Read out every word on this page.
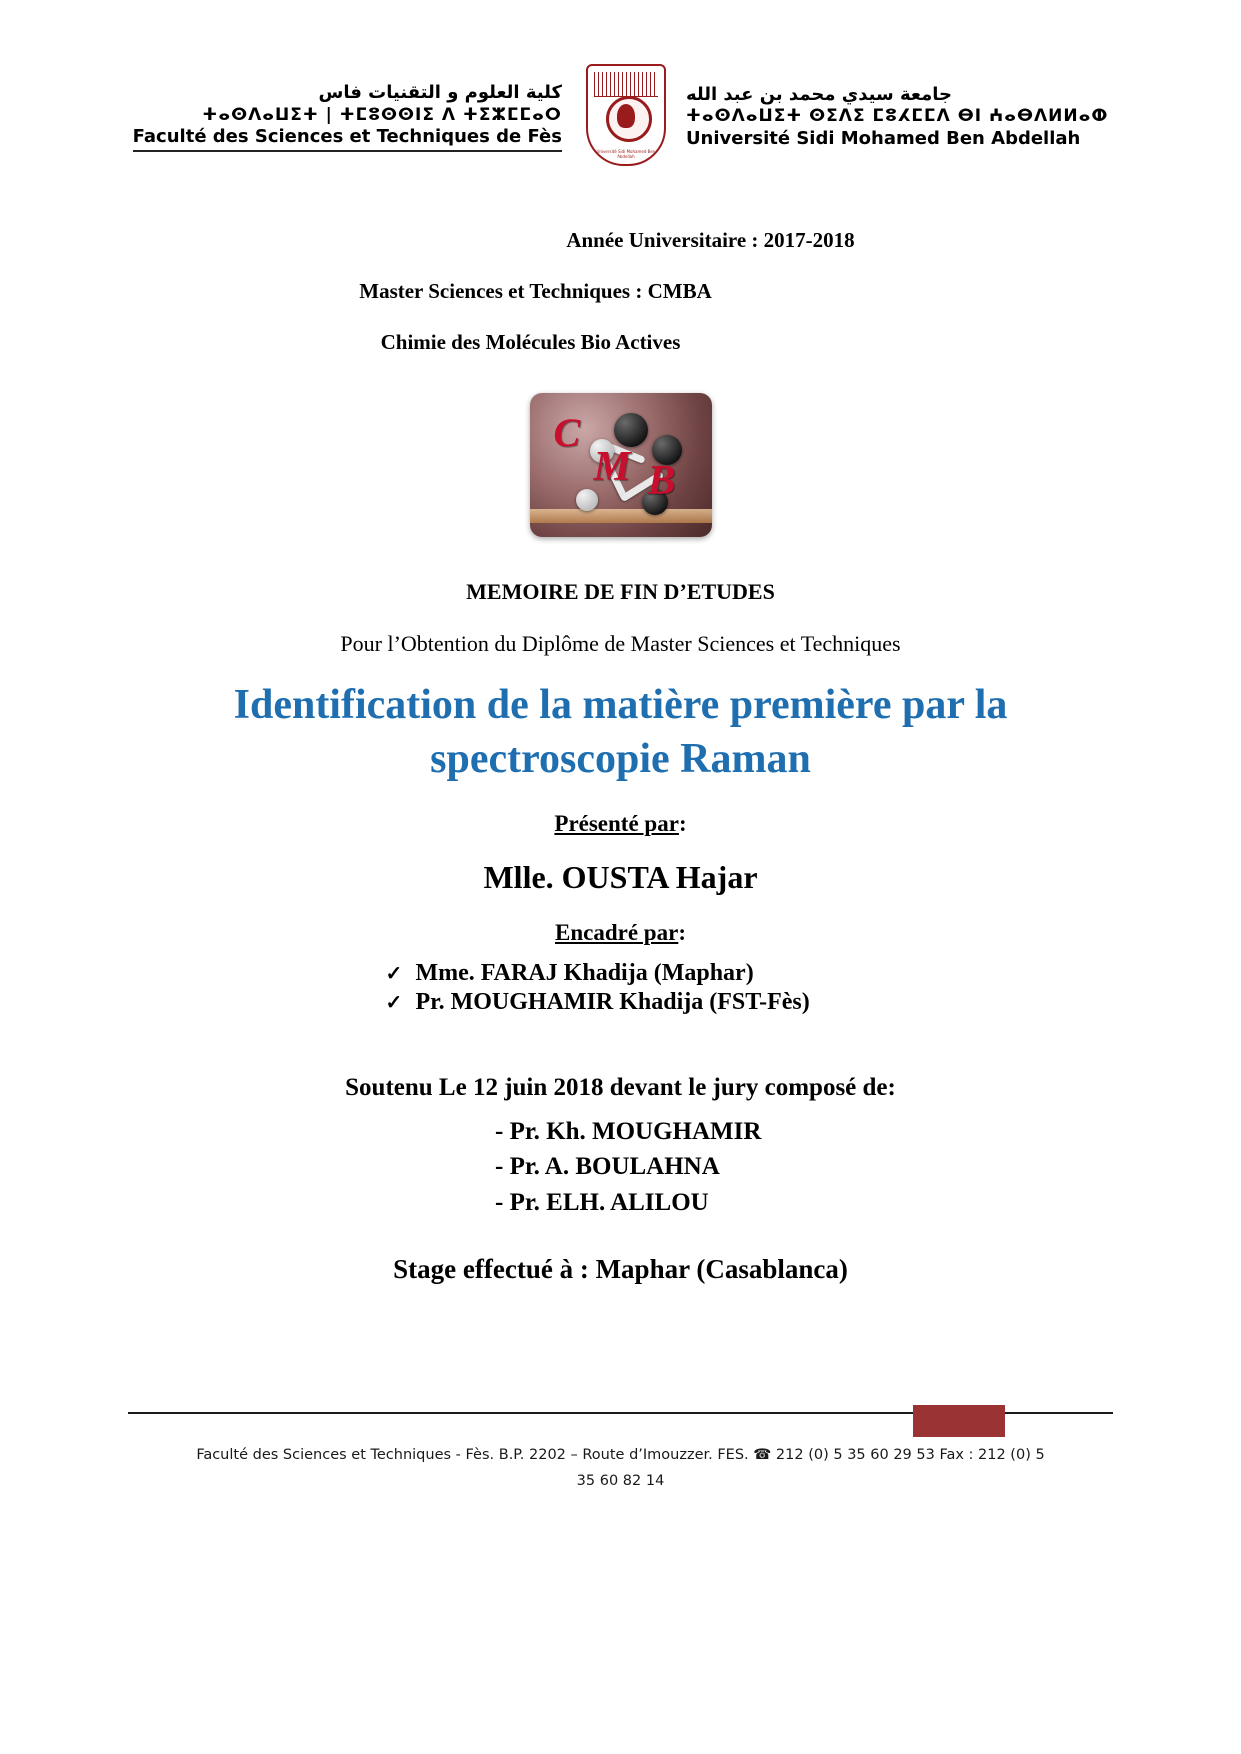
كلية العلوم و التقنيات فاس
ⵜⴰⵙⴷⴰⵡⵉⵜ | ⵜⵎⵓⵙⵙⵏⵉ ⴷ ⵜⵉⵣⵎⵎⴰⵔ
Faculté des Sciences et Techniques de Fès
Université Sidi Mohamed Ben Abdellah
جامعة سيدي محمد بن عبد الله
ⵜⴰⵙⴷⴰⵡⵉⵜ ⵙⵉⴷⵉ ⵎⵓⵃⵎⵎⴷ ⴱⵏ ⵄⴰⴱⴷⵍⵍⴰⵀ
Université Sidi Mohamed Ben Abdellah
Année Universitaire : 2017-2018
Master Sciences et Techniques : CMBA
Chimie des Molécules Bio Actives
C
M B
MEMOIRE DE FIN D’ETUDES
Pour l’Obtention du Diplôme de Master Sciences et Techniques
Identification de la matière première par la spectroscopie Raman
Présenté par:
Mlle. OUSTA Hajar
Encadré par:
✓ Mme. FARAJ Khadija (Maphar)
✓ Pr. MOUGHAMIR Khadija (FST-Fès)
Soutenu Le 12 juin 2018 devant le jury composé de:
- Pr. Kh. MOUGHAMIR
- Pr. A. BOULAHNA
- Pr. ELH. ALILOU
Stage effectué à : Maphar (Casablanca)
Faculté des Sciences et Techniques - Fès. B.P. 2202 – Route d’Imouzzer. FES. ☎ 212 (0) 5 35 60 29 53 Fax : 212 (0) 5
35 60 82 14
